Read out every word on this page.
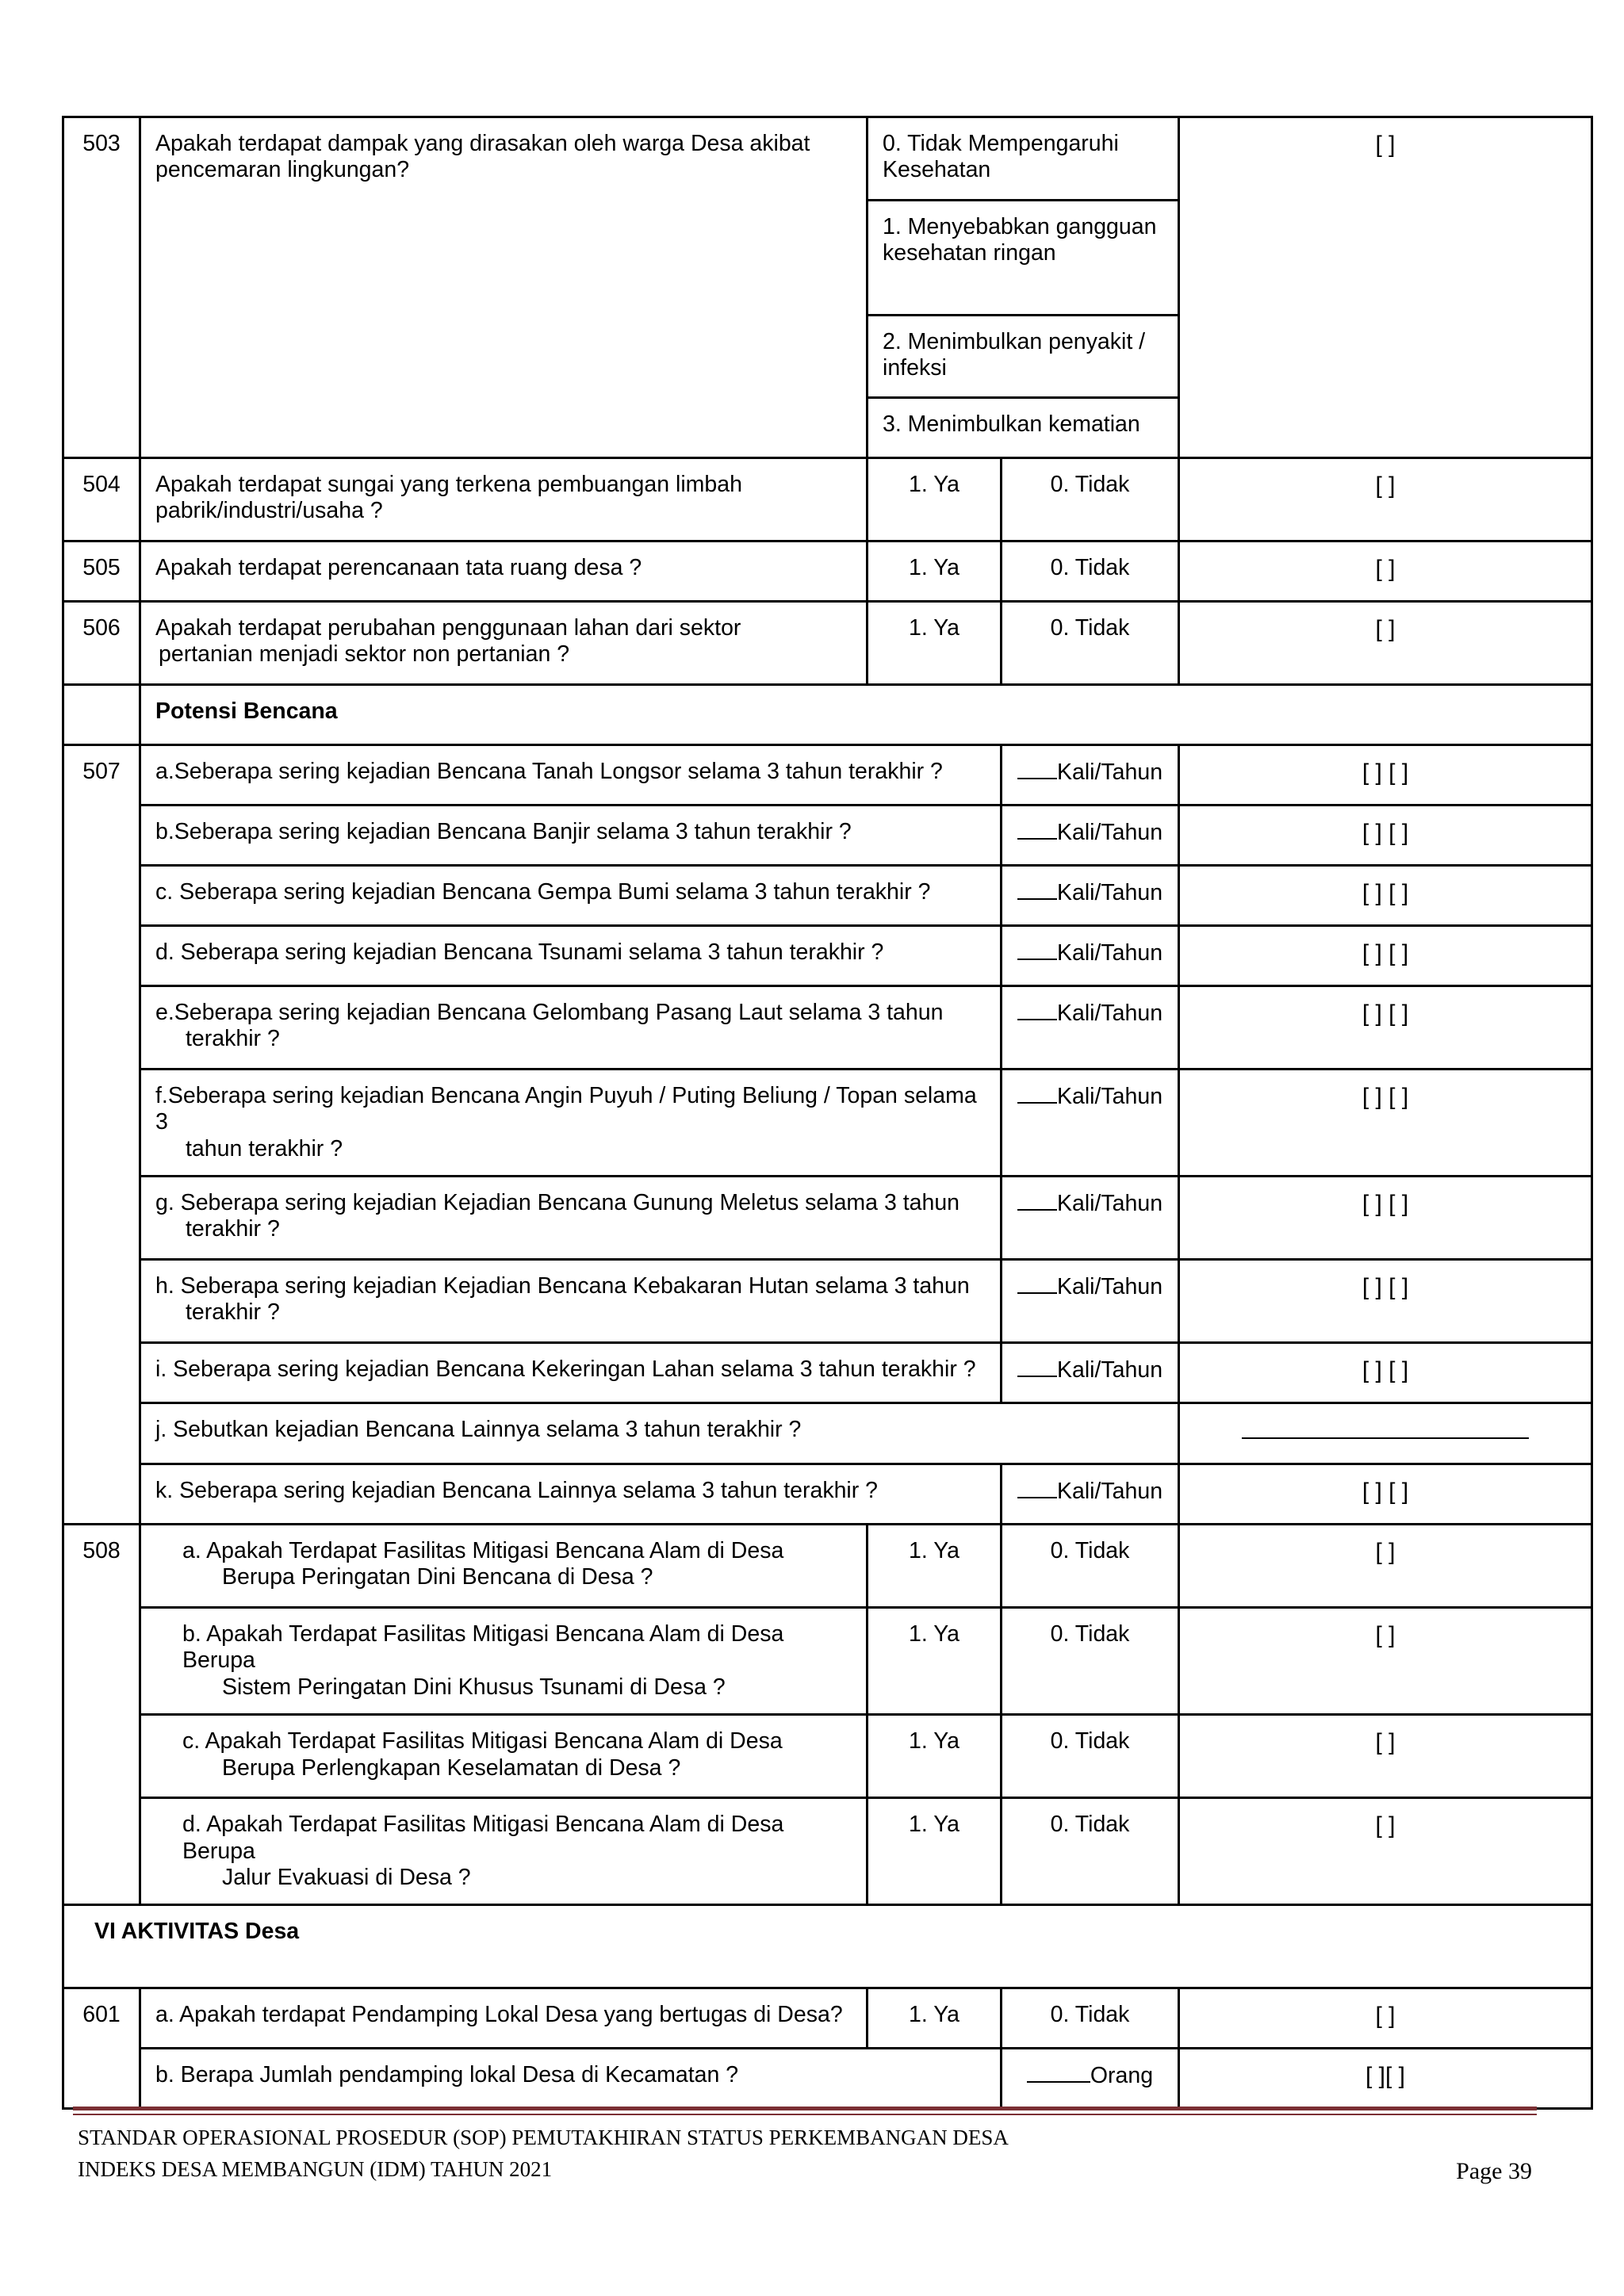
503	Apakah terdapat dampak yang dirasakan oleh warga Desa akibat pencemaran lingkungan?	0. Tidak Mempengaruhi Kesehatan		[ ]
		1. Menyebabkan gangguan kesehatan ringan		
		2. Menimbulkan penyakit / infeksi		
		3. Menimbulkan kematian		
504	Apakah terdapat sungai yang terkena pembuangan limbah
pabrik/industri/usaha ?	1. Ya	0. Tidak	[ ]
505	Apakah terdapat perencanaan tata ruang desa ?	1. Ya	0. Tidak	[ ]
506	Apakah terdapat perubahan penggunaan lahan dari sektor
pertanian menjadi sektor non pertanian ?	1. Ya	0. Tidak	[ ]
	Potensi Bencana			
507	a.Seberapa sering kejadian Bencana Tanah Longsor selama 3 tahun terakhir ?		Kali/Tahun	[ ] [ ]
	b.Seberapa sering kejadian Bencana Banjir selama 3 tahun terakhir ?		Kali/Tahun	[ ] [ ]
	c. Seberapa sering kejadian Bencana Gempa Bumi selama 3 tahun terakhir ?		Kali/Tahun	[ ] [ ]
	d. Seberapa sering kejadian Bencana Tsunami selama 3 tahun terakhir ?		Kali/Tahun	[ ] [ ]
	e.Seberapa sering kejadian Bencana Gelombang Pasang Laut selama 3 tahun
terakhir ?		Kali/Tahun	[ ] [ ]
	f.Seberapa sering kejadian Bencana Angin Puyuh / Puting Beliung / Topan selama 3
tahun terakhir ?		Kali/Tahun	[ ] [ ]
	g. Seberapa sering kejadian Kejadian Bencana Gunung Meletus selama 3 tahun
terakhir ?		Kali/Tahun	[ ] [ ]
	h. Seberapa sering kejadian Kejadian Bencana Kebakaran Hutan selama 3 tahun
terakhir ?		Kali/Tahun	[ ] [ ]
	i. Seberapa sering kejadian Bencana Kekeringan Lahan selama 3 tahun terakhir ?		Kali/Tahun	[ ] [ ]
	j. Sebutkan kejadian Bencana Lainnya selama 3 tahun terakhir ?			
	k. Seberapa sering kejadian Bencana Lainnya selama 3 tahun terakhir ?		Kali/Tahun	[ ] [ ]
508	a. Apakah Terdapat Fasilitas Mitigasi Bencana Alam di Desa
Berupa Peringatan Dini Bencana di Desa ?	1. Ya	0. Tidak	[ ]
	b. Apakah Terdapat Fasilitas Mitigasi Bencana Alam di Desa Berupa
Sistem Peringatan Dini Khusus Tsunami di Desa ?	1. Ya	0. Tidak	[ ]
	c. Apakah Terdapat Fasilitas Mitigasi Bencana Alam di Desa
Berupa Perlengkapan Keselamatan di Desa ?	1. Ya	0. Tidak	[ ]
	d. Apakah Terdapat Fasilitas Mitigasi Bencana Alam di Desa Berupa
Jalur Evakuasi di Desa ?	1. Ya	0. Tidak	[ ]
VI AKTIVITAS Desa				
601	a. Apakah terdapat Pendamping Lokal Desa yang bertugas di Desa?	1. Ya	0. Tidak	[ ]
	b. Berapa Jumlah pendamping lokal Desa di Kecamatan ?		Orang	[ ][ ]
STANDAR OPERASIONAL PROSEDUR (SOP) PEMUTAKHIRAN STATUS PERKEMBANGAN DESA
INDEKS DESA MEMBANGUN (IDM) TAHUN 2021	Page 39
